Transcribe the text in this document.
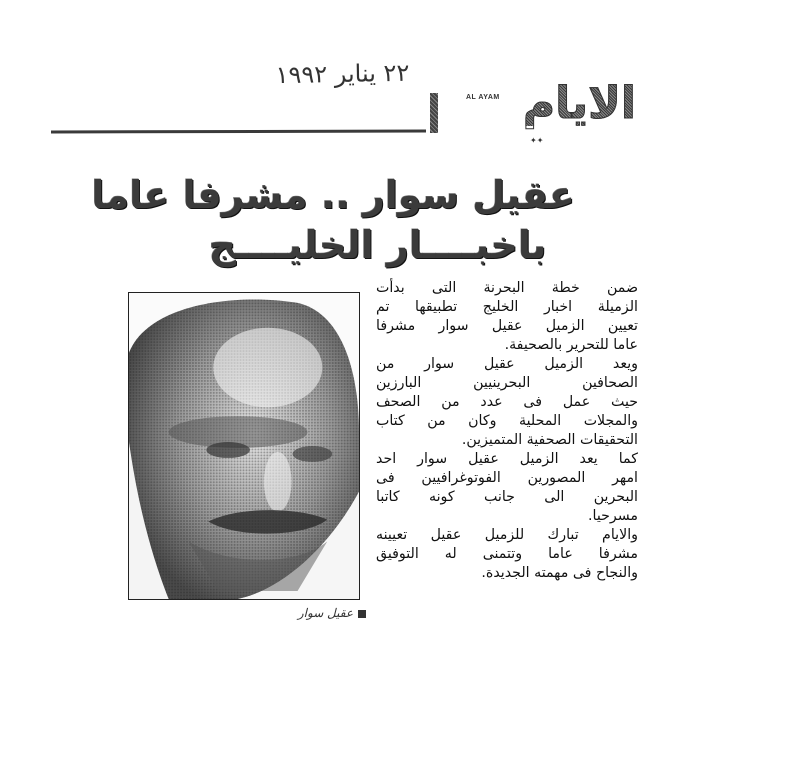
٢٢ يناير ١٩٩٢
AL AYAM الايام
✦✦
عقيل سوار .. مشرفا عاما
باخبــــار الخليــــج
عقيل سوار

ضمن خطة البحرنة التى بدأت
الزميلة اخبار الخليج تطبيقها تم
تعيين الزميل عقيل سوار مشرفا
عاما للتحرير بالصحيفة.

ويعد الزميل عقيل سوار من
الصحافين البحرينيين البارزين
حيث عمل فى عدد من الصحف
والمجلات المحلية وكان من كتاب
التحقيقات الصحفية المتميزين.

كما يعد الزميل عقيل سوار احد
امهر المصورين الفوتوغرافيين فى
البحرين الى جانب كونه كاتبا
مسرحيا.

والايام تبارك للزميل عقيل تعيينه
مشرفا عاما وتتمنى له التوفيق
والنجاح فى مهمته الجديدة.
